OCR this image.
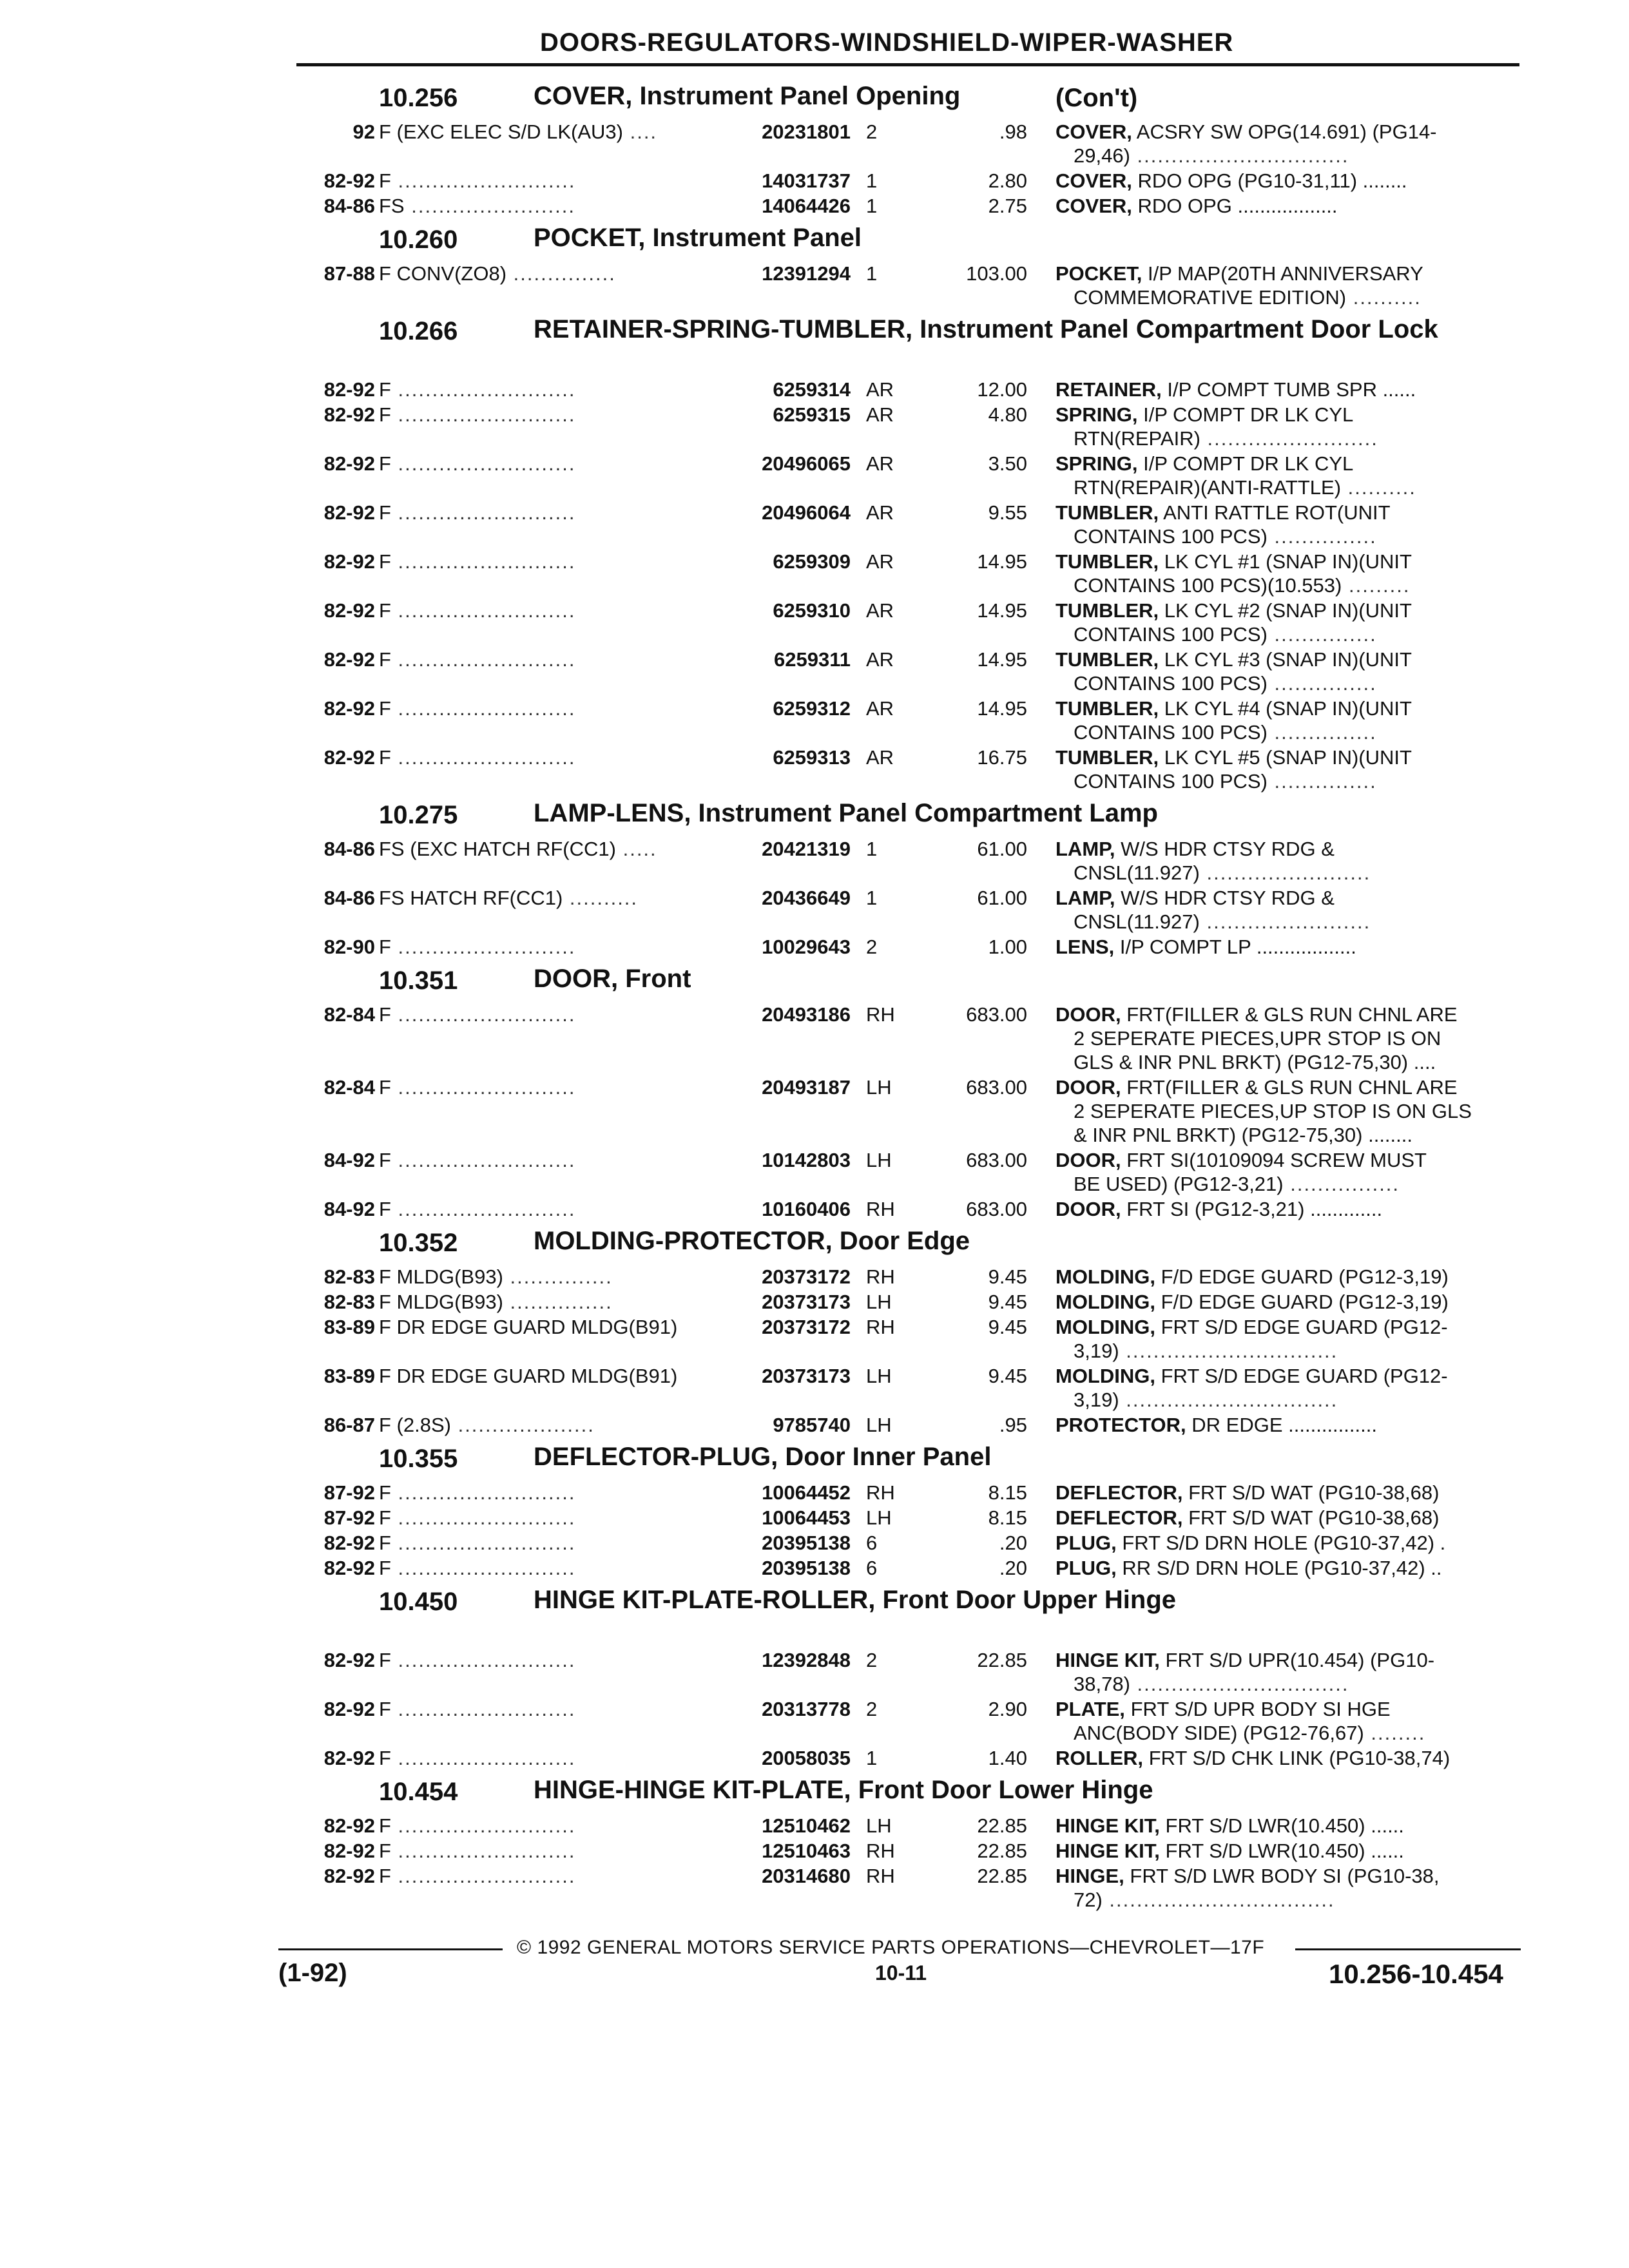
DOORS-REGULATORS-WINDSHIELD-WIPER-WASHER
10.256	COVER, Instrument Panel Opening	(Con't)
92 F (EXC ELEC S/D LK(AU3) ....	20231801 2	.98 COVER, ACSRY SW OPG(14.691) (PG14-
29,46) ...............................
82-92 F ..........................	14031737 1	2.80 COVER, RDO OPG (PG10-31,11) ........
84-86 FS ........................	14064426 1	2.75 COVER, RDO OPG ..................
10.260	POCKET, Instrument Panel
87-88 F CONV(ZO8) ...............	12391294 1	103.00 POCKET, I/P MAP(20TH ANNIVERSARY
COMMEMORATIVE EDITION) ..........
10.266	RETAINER-SPRING-TUMBLER, Instrument Panel Compartment Door Lock
82-92 F ..........................	6259314 AR	12.00 RETAINER, I/P COMPT TUMB SPR ......
82-92 F ..........................	6259315 AR	4.80 SPRING, I/P COMPT DR LK CYL
RTN(REPAIR) .........................
82-92 F ..........................	20496065 AR	3.50 SPRING, I/P COMPT DR LK CYL
RTN(REPAIR)(ANTI-RATTLE) ..........
82-92 F ..........................	20496064 AR	9.55 TUMBLER, ANTI RATTLE ROT(UNIT
CONTAINS 100 PCS) ...............
82-92 F ..........................	6259309 AR	14.95 TUMBLER, LK CYL #1 (SNAP IN)(UNIT
CONTAINS 100 PCS)(10.553) .........
82-92 F ..........................	6259310 AR	14.95 TUMBLER, LK CYL #2 (SNAP IN)(UNIT
CONTAINS 100 PCS) ...............
82-92 F ..........................	6259311 AR	14.95 TUMBLER, LK CYL #3 (SNAP IN)(UNIT
CONTAINS 100 PCS) ...............
82-92 F ..........................	6259312 AR	14.95 TUMBLER, LK CYL #4 (SNAP IN)(UNIT
CONTAINS 100 PCS) ...............
82-92 F ..........................	6259313 AR	16.75 TUMBLER, LK CYL #5 (SNAP IN)(UNIT
CONTAINS 100 PCS) ...............
10.275	LAMP-LENS, Instrument Panel Compartment Lamp
84-86 FS (EXC HATCH RF(CC1) .....	20421319 1	61.00 LAMP, W/S HDR CTSY RDG &
CNSL(11.927) ........................
84-86 FS HATCH RF(CC1) ..........	20436649 1	61.00 LAMP, W/S HDR CTSY RDG &
CNSL(11.927) ........................
82-90 F ..........................	10029643 2	1.00 LENS, I/P COMPT LP ..................
10.351	DOOR, Front
82-84 F ..........................	20493186 RH	683.00 DOOR, FRT(FILLER & GLS RUN CHNL ARE
2 SEPERATE PIECES,UPR STOP IS ON
GLS & INR PNL BRKT) (PG12-75,30) ....
82-84 F ..........................	20493187 LH	683.00 DOOR, FRT(FILLER & GLS RUN CHNL ARE
2 SEPERATE PIECES,UP STOP IS ON GLS
& INR PNL BRKT) (PG12-75,30) ........
84-92 F ..........................	10142803 LH	683.00 DOOR, FRT SI(10109094 SCREW MUST
BE USED) (PG12-3,21) ................
84-92 F ..........................	10160406 RH	683.00 DOOR, FRT SI (PG12-3,21) .............
10.352	MOLDING-PROTECTOR, Door Edge
82-83 F MLDG(B93) ...............	20373172 RH	9.45 MOLDING, F/D EDGE GUARD (PG12-3,19)
82-83 F MLDG(B93) ...............	20373173 LH	9.45 MOLDING, F/D EDGE GUARD (PG12-3,19)
83-89 F DR EDGE GUARD MLDG(B91)	20373172 RH	9.45 MOLDING, FRT S/D EDGE GUARD (PG12-
3,19) ...............................
83-89 F DR EDGE GUARD MLDG(B91)	20373173 LH	9.45 MOLDING, FRT S/D EDGE GUARD (PG12-
3,19) ...............................
86-87 F (2.8S) ....................	9785740 LH	.95 PROTECTOR, DR EDGE ................
10.355	DEFLECTOR-PLUG, Door Inner Panel
87-92 F ..........................	10064452 RH	8.15 DEFLECTOR, FRT S/D WAT (PG10-38,68)
87-92 F ..........................	10064453 LH	8.15 DEFLECTOR, FRT S/D WAT (PG10-38,68)
82-92 F ..........................	20395138 6	.20 PLUG, FRT S/D DRN HOLE (PG10-37,42) .
82-92 F ..........................	20395138 6	.20 PLUG, RR S/D DRN HOLE (PG10-37,42) ..
10.450	HINGE KIT-PLATE-ROLLER, Front Door Upper Hinge
82-92 F ..........................	12392848 2	22.85 HINGE KIT, FRT S/D UPR(10.454) (PG10-
38,78) ...............................
82-92 F ..........................	20313778 2	2.90 PLATE, FRT S/D UPR BODY SI HGE
ANC(BODY SIDE) (PG12-76,67) ........
82-92 F ..........................	20058035 1	1.40 ROLLER, FRT S/D CHK LINK (PG10-38,74)
10.454	HINGE-HINGE KIT-PLATE, Front Door Lower Hinge
82-92 F ..........................	12510462 LH	22.85 HINGE KIT, FRT S/D LWR(10.450) ......
82-92 F ..........................	12510463 RH	22.85 HINGE KIT, FRT S/D LWR(10.450) ......
82-92 F ..........................	20314680 RH	22.85 HINGE, FRT S/D LWR BODY SI (PG10-38,
72) .................................
© 1992 GENERAL MOTORS SERVICE PARTS OPERATIONS—CHEVROLET—17F
(1-92)	10-11	10.256-10.454
